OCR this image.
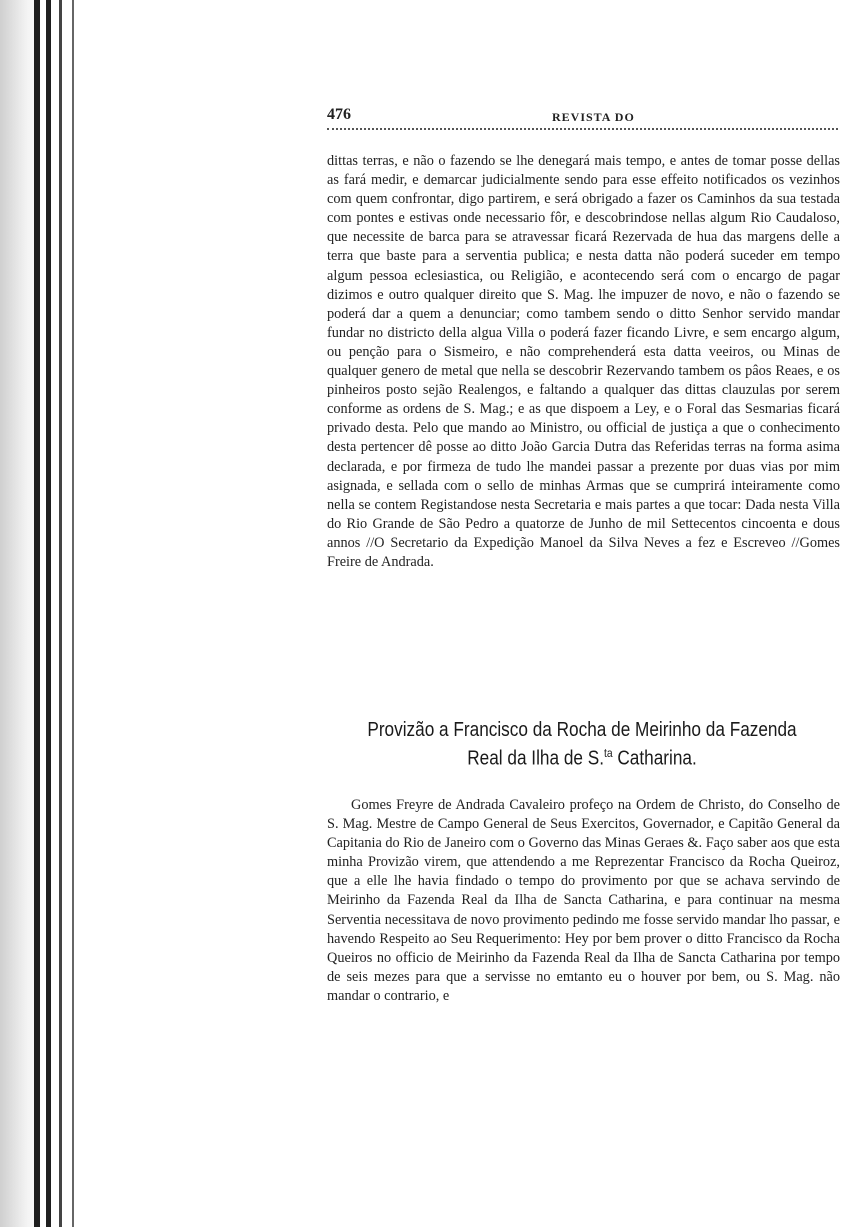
476	REVISTA DO

dittas terras, e não o fazendo se lhe denegará mais tempo, e antes de tomar posse dellas as fará medir, e demarcar judicialmente sendo para esse effeito notificados os vezinhos com quem confrontar, digo partirem, e será obrigado a fazer os Caminhos da sua testada com pontes e estivas onde necessario fôr, e descobrindose nellas algum Rio Caudaloso, que necessite de barca para se atravessar ficará Rezervada de hua das margens delle a terra que baste para a serventia publica; e nesta datta não poderá suceder em tempo algum pessoa eclesiastica, ou Religião, e acontecendo será com o encargo de pagar dizimos e outro qualquer direito que S. Mag. lhe impuzer de novo, e não o fazendo se poderá dar a quem a denunciar; como tambem sendo o ditto Senhor servido mandar fundar no districto della algua Villa o poderá fazer ficando Livre, e sem encargo algum, ou penção para o Sismeiro, e não comprehenderá esta datta veeiros, ou Minas de qualquer genero de metal que nella se descobrir Rezervando tambem os pâos Reaes, e os pinheiros posto sejão Realengos, e faltando a qualquer das dittas clauzulas por serem conforme as ordens de S. Mag.; e as que dispoem a Ley, e o Foral das Sesmarias ficará privado desta. Pelo que mando ao Ministro, ou official de justiça a que o conhecimento desta pertencer dê posse ao ditto João Garcia Dutra das Referidas terras na forma asima declarada, e por firmeza de tudo lhe mandei passar a prezente por duas vias por mim asignada, e sellada com o sello de minhas Armas que se cumprirá inteiramente como nella se contem Registandose nesta Secretaria e mais partes a que tocar: Dada nesta Villa do Rio Grande de São Pedro a quatorze de Junho de mil Settecentos cincoenta e dous annos //O Secretario da Expedição Manoel da Silva Neves a fez e Escreveo //Gomes Freire de Andrada.

Provizão a Francisco da Rocha de Meirinho da Fazenda Real da Ilha de S.$^{ta}$ Catharina.

Gomes Freyre de Andrada Cavaleiro profeço na Ordem de Christo, do Conselho de S. Mag. Mestre de Campo General de Seus Exercitos, Governador, e Capitão General da Capitania do Rio de Janeiro com o Governo das Minas Geraes &. Faço saber aos que esta minha Provizão virem, que attendendo a me Reprezentar Francisco da Rocha Queiroz, que a elle lhe havia findado o tempo do provimento por que se achava servindo de Meirinho da Fazenda Real da Ilha de Sancta Catharina, e para continuar na mesma Serventia necessitava de novo provimento pedindo me fosse servido mandar lho passar, e havendo Respeito ao Seu Requerimento: Hey por bem prover o ditto Francisco da Rocha Queiros no officio de Meirinho da Fazenda Real da Ilha de Sancta Catharina por tempo de seis mezes para que a servisse no emtanto eu o houver por bem, ou S. Mag. não mandar o contrario, e
